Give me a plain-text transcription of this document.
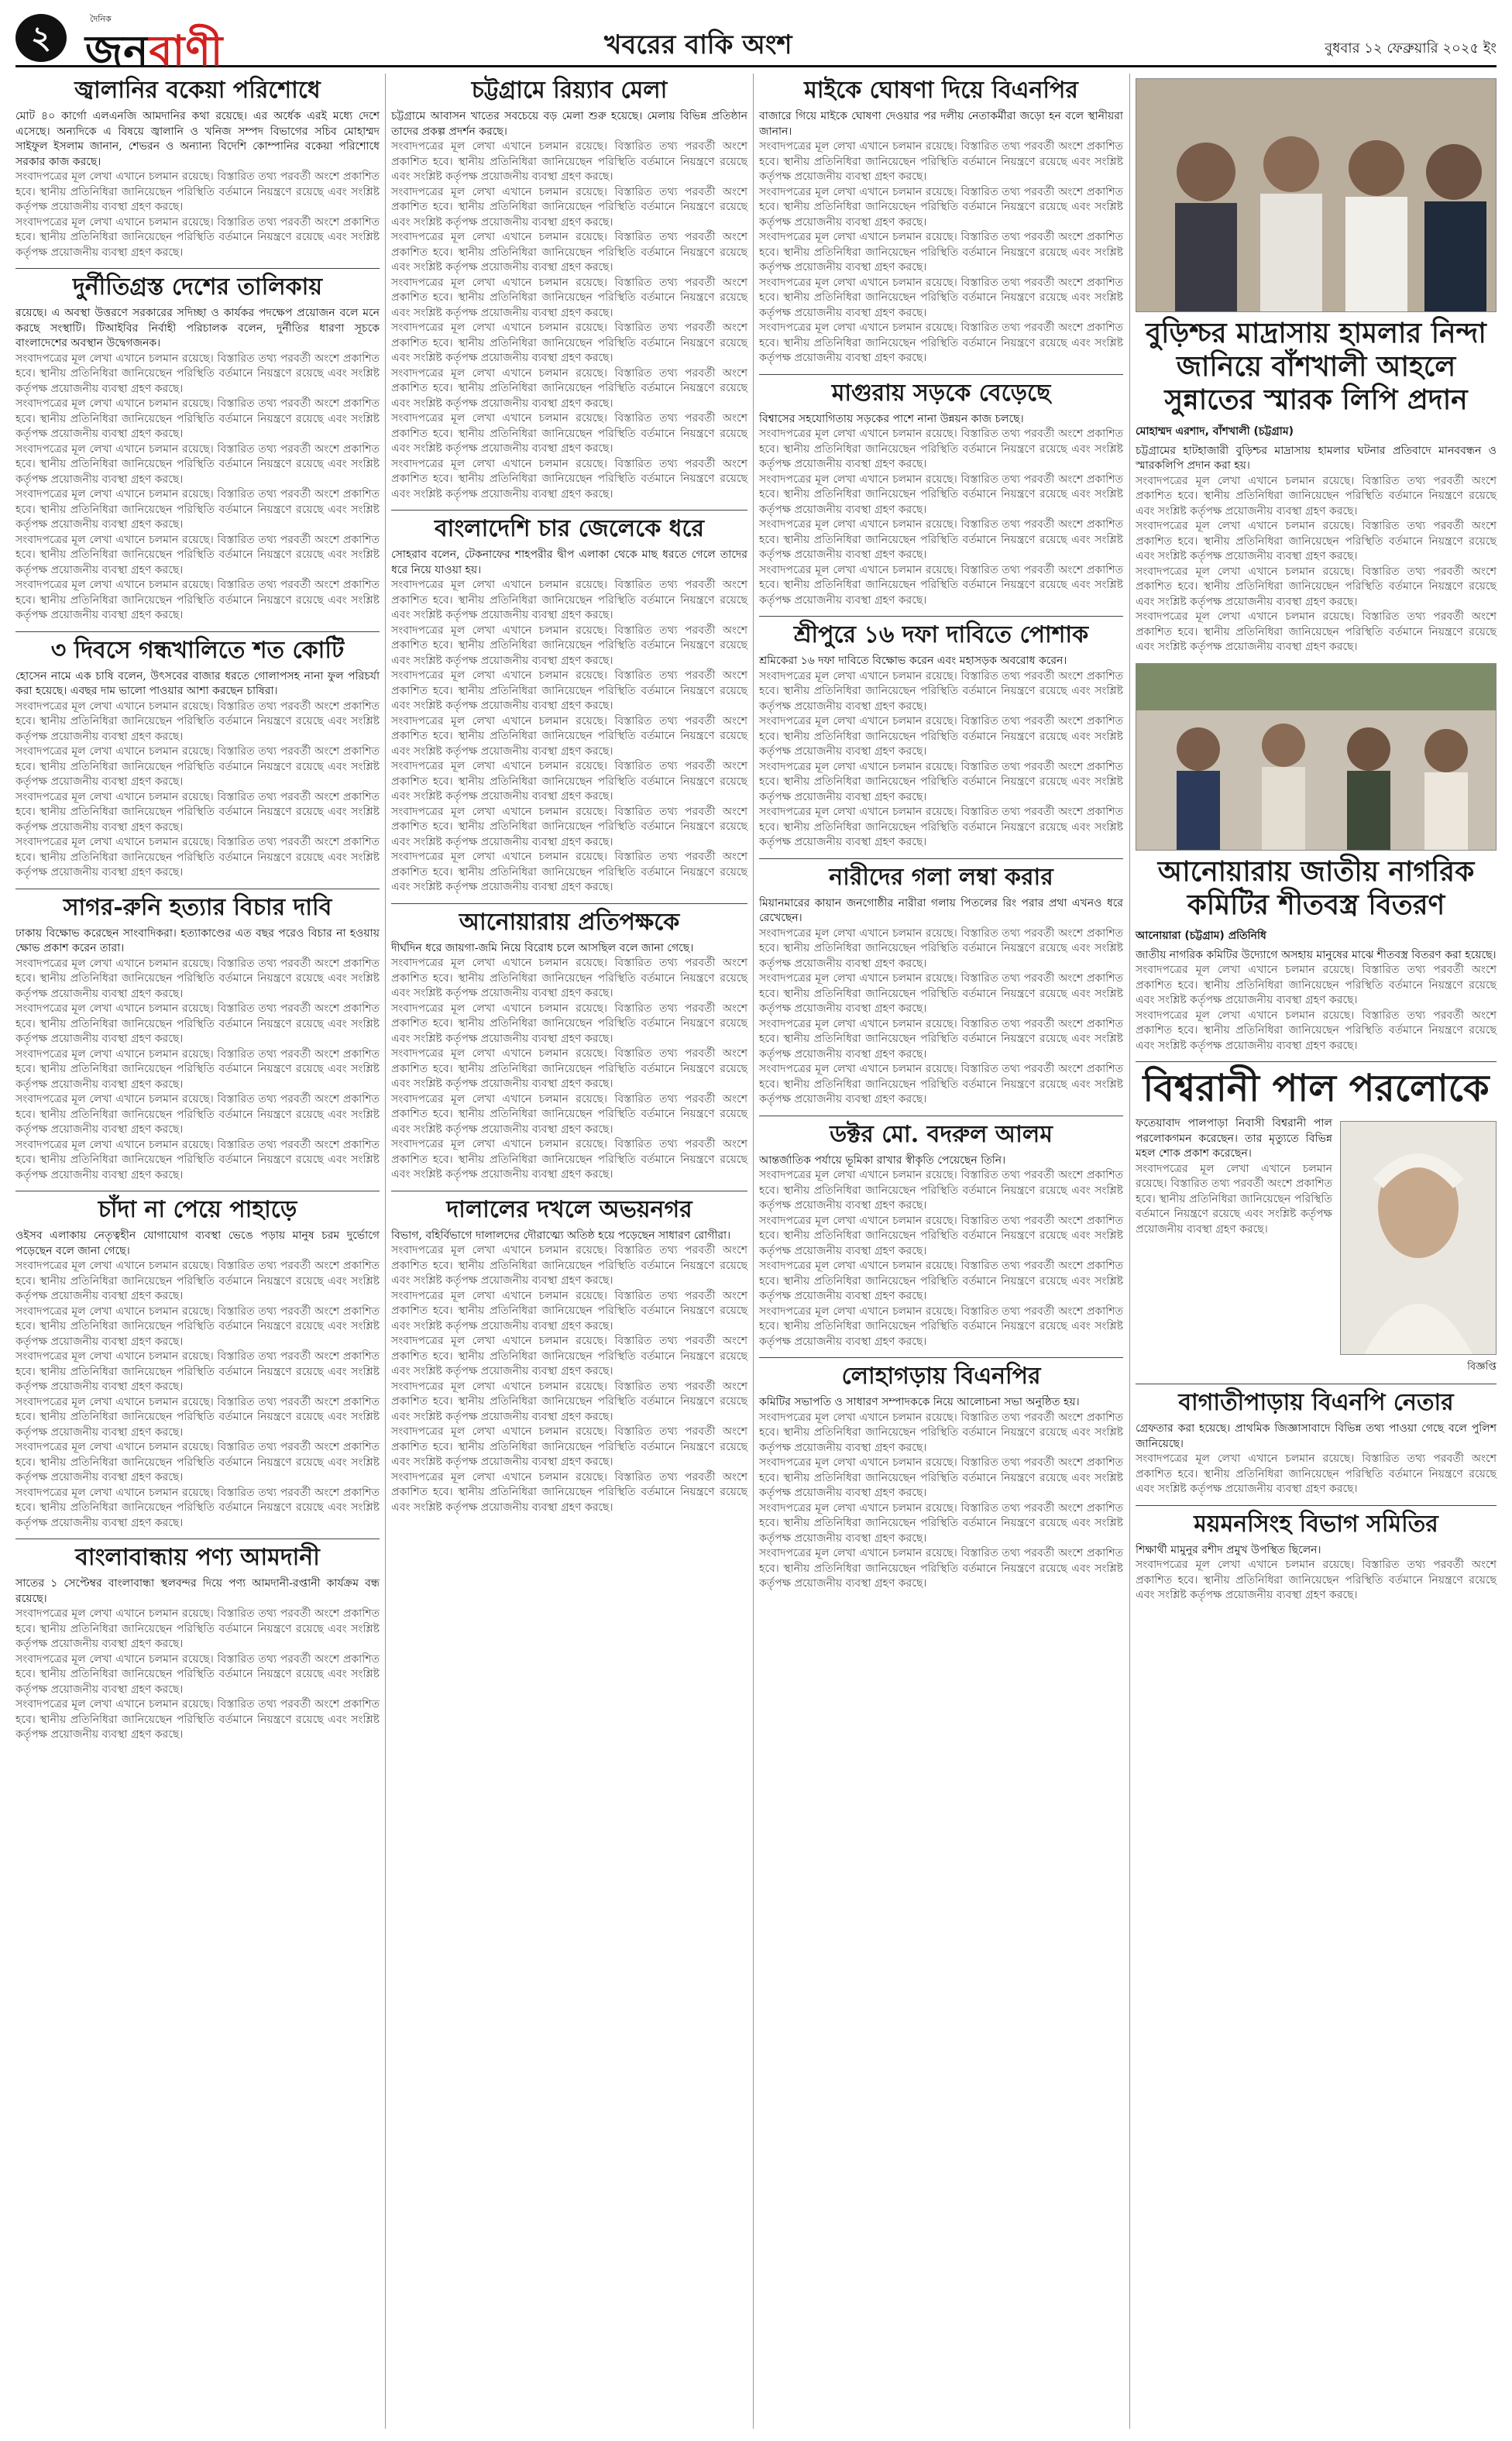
২
দৈনিক
জনবাণী	খবরের বাকি অংশ	বুধবার ১২ ফেব্রুয়ারি ২০২৫ ইং
জ্বালানির বকেয়া পরিশোধে
মোট ৪০ কার্গো এলএনজি আমদানির কথা রয়েছে। এর অর্ধেক এরই মধ্যে দেশে এসেছে। অন্যদিকে এ বিষয়ে জ্বালানি ও খনিজ সম্পদ বিভাগের সচিব মোহাম্মদ সাইফুল ইসলাম জানান, শেভরন ও অন্যান্য বিদেশি কোম্পানির বকেয়া পরিশোধে সরকার কাজ করছে।
সংবাদপত্রের মূল লেখা এখানে চলমান রয়েছে। বিস্তারিত তথ্য পরবর্তী অংশে প্রকাশিত হবে। স্থানীয় প্রতিনিধিরা জানিয়েছেন পরিস্থিতি বর্তমানে নিয়ন্ত্রণে রয়েছে এবং সংশ্লিষ্ট কর্তৃপক্ষ প্রয়োজনীয় ব্যবস্থা গ্রহণ করছে।
সংবাদপত্রের মূল লেখা এখানে চলমান রয়েছে। বিস্তারিত তথ্য পরবর্তী অংশে প্রকাশিত হবে। স্থানীয় প্রতিনিধিরা জানিয়েছেন পরিস্থিতি বর্তমানে নিয়ন্ত্রণে রয়েছে এবং সংশ্লিষ্ট কর্তৃপক্ষ প্রয়োজনীয় ব্যবস্থা গ্রহণ করছে।
দুর্নীতিগ্রস্ত দেশের তালিকায়
রয়েছে। এ অবস্থা উত্তরণে সরকারের সদিচ্ছা ও কার্যকর পদক্ষেপ প্রয়োজন বলে মনে করছে সংস্থাটি। টিআইবির নির্বাহী পরিচালক বলেন, দুর্নীতির ধারণা সূচকে বাংলাদেশের অবস্থান উদ্বেগজনক।
সংবাদপত্রের মূল লেখা এখানে চলমান রয়েছে। বিস্তারিত তথ্য পরবর্তী অংশে প্রকাশিত হবে। স্থানীয় প্রতিনিধিরা জানিয়েছেন পরিস্থিতি বর্তমানে নিয়ন্ত্রণে রয়েছে এবং সংশ্লিষ্ট কর্তৃপক্ষ প্রয়োজনীয় ব্যবস্থা গ্রহণ করছে।
সংবাদপত্রের মূল লেখা এখানে চলমান রয়েছে। বিস্তারিত তথ্য পরবর্তী অংশে প্রকাশিত হবে। স্থানীয় প্রতিনিধিরা জানিয়েছেন পরিস্থিতি বর্তমানে নিয়ন্ত্রণে রয়েছে এবং সংশ্লিষ্ট কর্তৃপক্ষ প্রয়োজনীয় ব্যবস্থা গ্রহণ করছে।
সংবাদপত্রের মূল লেখা এখানে চলমান রয়েছে। বিস্তারিত তথ্য পরবর্তী অংশে প্রকাশিত হবে। স্থানীয় প্রতিনিধিরা জানিয়েছেন পরিস্থিতি বর্তমানে নিয়ন্ত্রণে রয়েছে এবং সংশ্লিষ্ট কর্তৃপক্ষ প্রয়োজনীয় ব্যবস্থা গ্রহণ করছে।
সংবাদপত্রের মূল লেখা এখানে চলমান রয়েছে। বিস্তারিত তথ্য পরবর্তী অংশে প্রকাশিত হবে। স্থানীয় প্রতিনিধিরা জানিয়েছেন পরিস্থিতি বর্তমানে নিয়ন্ত্রণে রয়েছে এবং সংশ্লিষ্ট কর্তৃপক্ষ প্রয়োজনীয় ব্যবস্থা গ্রহণ করছে।
সংবাদপত্রের মূল লেখা এখানে চলমান রয়েছে। বিস্তারিত তথ্য পরবর্তী অংশে প্রকাশিত হবে। স্থানীয় প্রতিনিধিরা জানিয়েছেন পরিস্থিতি বর্তমানে নিয়ন্ত্রণে রয়েছে এবং সংশ্লিষ্ট কর্তৃপক্ষ প্রয়োজনীয় ব্যবস্থা গ্রহণ করছে।
সংবাদপত্রের মূল লেখা এখানে চলমান রয়েছে। বিস্তারিত তথ্য পরবর্তী অংশে প্রকাশিত হবে। স্থানীয় প্রতিনিধিরা জানিয়েছেন পরিস্থিতি বর্তমানে নিয়ন্ত্রণে রয়েছে এবং সংশ্লিষ্ট কর্তৃপক্ষ প্রয়োজনীয় ব্যবস্থা গ্রহণ করছে।
৩ দিবসে গন্ধখালিতে শত কোটি
হোসেন নামে এক চাষি বলেন, উৎসবের বাজার ধরতে গোলাপসহ নানা ফুল পরিচর্যা করা হয়েছে। এবছর দাম ভালো পাওয়ার আশা করছেন চাষিরা।
সংবাদপত্রের মূল লেখা এখানে চলমান রয়েছে। বিস্তারিত তথ্য পরবর্তী অংশে প্রকাশিত হবে। স্থানীয় প্রতিনিধিরা জানিয়েছেন পরিস্থিতি বর্তমানে নিয়ন্ত্রণে রয়েছে এবং সংশ্লিষ্ট কর্তৃপক্ষ প্রয়োজনীয় ব্যবস্থা গ্রহণ করছে।
সংবাদপত্রের মূল লেখা এখানে চলমান রয়েছে। বিস্তারিত তথ্য পরবর্তী অংশে প্রকাশিত হবে। স্থানীয় প্রতিনিধিরা জানিয়েছেন পরিস্থিতি বর্তমানে নিয়ন্ত্রণে রয়েছে এবং সংশ্লিষ্ট কর্তৃপক্ষ প্রয়োজনীয় ব্যবস্থা গ্রহণ করছে।
সংবাদপত্রের মূল লেখা এখানে চলমান রয়েছে। বিস্তারিত তথ্য পরবর্তী অংশে প্রকাশিত হবে। স্থানীয় প্রতিনিধিরা জানিয়েছেন পরিস্থিতি বর্তমানে নিয়ন্ত্রণে রয়েছে এবং সংশ্লিষ্ট কর্তৃপক্ষ প্রয়োজনীয় ব্যবস্থা গ্রহণ করছে।
সংবাদপত্রের মূল লেখা এখানে চলমান রয়েছে। বিস্তারিত তথ্য পরবর্তী অংশে প্রকাশিত হবে। স্থানীয় প্রতিনিধিরা জানিয়েছেন পরিস্থিতি বর্তমানে নিয়ন্ত্রণে রয়েছে এবং সংশ্লিষ্ট কর্তৃপক্ষ প্রয়োজনীয় ব্যবস্থা গ্রহণ করছে।
সাগর-রুনি হত্যার বিচার দাবি
ঢাকায় বিক্ষোভ করেছেন সাংবাদিকরা। হত্যাকাণ্ডের এত বছর পরেও বিচার না হওয়ায় ক্ষোভ প্রকাশ করেন তারা।
সংবাদপত্রের মূল লেখা এখানে চলমান রয়েছে। বিস্তারিত তথ্য পরবর্তী অংশে প্রকাশিত হবে। স্থানীয় প্রতিনিধিরা জানিয়েছেন পরিস্থিতি বর্তমানে নিয়ন্ত্রণে রয়েছে এবং সংশ্লিষ্ট কর্তৃপক্ষ প্রয়োজনীয় ব্যবস্থা গ্রহণ করছে।
সংবাদপত্রের মূল লেখা এখানে চলমান রয়েছে। বিস্তারিত তথ্য পরবর্তী অংশে প্রকাশিত হবে। স্থানীয় প্রতিনিধিরা জানিয়েছেন পরিস্থিতি বর্তমানে নিয়ন্ত্রণে রয়েছে এবং সংশ্লিষ্ট কর্তৃপক্ষ প্রয়োজনীয় ব্যবস্থা গ্রহণ করছে।
সংবাদপত্রের মূল লেখা এখানে চলমান রয়েছে। বিস্তারিত তথ্য পরবর্তী অংশে প্রকাশিত হবে। স্থানীয় প্রতিনিধিরা জানিয়েছেন পরিস্থিতি বর্তমানে নিয়ন্ত্রণে রয়েছে এবং সংশ্লিষ্ট কর্তৃপক্ষ প্রয়োজনীয় ব্যবস্থা গ্রহণ করছে।
সংবাদপত্রের মূল লেখা এখানে চলমান রয়েছে। বিস্তারিত তথ্য পরবর্তী অংশে প্রকাশিত হবে। স্থানীয় প্রতিনিধিরা জানিয়েছেন পরিস্থিতি বর্তমানে নিয়ন্ত্রণে রয়েছে এবং সংশ্লিষ্ট কর্তৃপক্ষ প্রয়োজনীয় ব্যবস্থা গ্রহণ করছে।
সংবাদপত্রের মূল লেখা এখানে চলমান রয়েছে। বিস্তারিত তথ্য পরবর্তী অংশে প্রকাশিত হবে। স্থানীয় প্রতিনিধিরা জানিয়েছেন পরিস্থিতি বর্তমানে নিয়ন্ত্রণে রয়েছে এবং সংশ্লিষ্ট কর্তৃপক্ষ প্রয়োজনীয় ব্যবস্থা গ্রহণ করছে।
চাঁদা না পেয়ে পাহাড়ে
ওইসব এলাকায় নেতৃত্বহীন যোগাযোগ ব্যবস্থা ভেঙে পড়ায় মানুষ চরম দুর্ভোগে পড়েছেন বলে জানা গেছে।
সংবাদপত্রের মূল লেখা এখানে চলমান রয়েছে। বিস্তারিত তথ্য পরবর্তী অংশে প্রকাশিত হবে। স্থানীয় প্রতিনিধিরা জানিয়েছেন পরিস্থিতি বর্তমানে নিয়ন্ত্রণে রয়েছে এবং সংশ্লিষ্ট কর্তৃপক্ষ প্রয়োজনীয় ব্যবস্থা গ্রহণ করছে।
সংবাদপত্রের মূল লেখা এখানে চলমান রয়েছে। বিস্তারিত তথ্য পরবর্তী অংশে প্রকাশিত হবে। স্থানীয় প্রতিনিধিরা জানিয়েছেন পরিস্থিতি বর্তমানে নিয়ন্ত্রণে রয়েছে এবং সংশ্লিষ্ট কর্তৃপক্ষ প্রয়োজনীয় ব্যবস্থা গ্রহণ করছে।
সংবাদপত্রের মূল লেখা এখানে চলমান রয়েছে। বিস্তারিত তথ্য পরবর্তী অংশে প্রকাশিত হবে। স্থানীয় প্রতিনিধিরা জানিয়েছেন পরিস্থিতি বর্তমানে নিয়ন্ত্রণে রয়েছে এবং সংশ্লিষ্ট কর্তৃপক্ষ প্রয়োজনীয় ব্যবস্থা গ্রহণ করছে।
সংবাদপত্রের মূল লেখা এখানে চলমান রয়েছে। বিস্তারিত তথ্য পরবর্তী অংশে প্রকাশিত হবে। স্থানীয় প্রতিনিধিরা জানিয়েছেন পরিস্থিতি বর্তমানে নিয়ন্ত্রণে রয়েছে এবং সংশ্লিষ্ট কর্তৃপক্ষ প্রয়োজনীয় ব্যবস্থা গ্রহণ করছে।
সংবাদপত্রের মূল লেখা এখানে চলমান রয়েছে। বিস্তারিত তথ্য পরবর্তী অংশে প্রকাশিত হবে। স্থানীয় প্রতিনিধিরা জানিয়েছেন পরিস্থিতি বর্তমানে নিয়ন্ত্রণে রয়েছে এবং সংশ্লিষ্ট কর্তৃপক্ষ প্রয়োজনীয় ব্যবস্থা গ্রহণ করছে।
সংবাদপত্রের মূল লেখা এখানে চলমান রয়েছে। বিস্তারিত তথ্য পরবর্তী অংশে প্রকাশিত হবে। স্থানীয় প্রতিনিধিরা জানিয়েছেন পরিস্থিতি বর্তমানে নিয়ন্ত্রণে রয়েছে এবং সংশ্লিষ্ট কর্তৃপক্ষ প্রয়োজনীয় ব্যবস্থা গ্রহণ করছে।
বাংলাবান্ধায় পণ্য আমদানী
সাতের ১ সেপ্টেম্বর বাংলাবান্ধা স্থলবন্দর দিয়ে পণ্য আমদানী-রপ্তানী কার্যক্রম বন্ধ রয়েছে।
সংবাদপত্রের মূল লেখা এখানে চলমান রয়েছে। বিস্তারিত তথ্য পরবর্তী অংশে প্রকাশিত হবে। স্থানীয় প্রতিনিধিরা জানিয়েছেন পরিস্থিতি বর্তমানে নিয়ন্ত্রণে রয়েছে এবং সংশ্লিষ্ট কর্তৃপক্ষ প্রয়োজনীয় ব্যবস্থা গ্রহণ করছে।
সংবাদপত্রের মূল লেখা এখানে চলমান রয়েছে। বিস্তারিত তথ্য পরবর্তী অংশে প্রকাশিত হবে। স্থানীয় প্রতিনিধিরা জানিয়েছেন পরিস্থিতি বর্তমানে নিয়ন্ত্রণে রয়েছে এবং সংশ্লিষ্ট কর্তৃপক্ষ প্রয়োজনীয় ব্যবস্থা গ্রহণ করছে।
সংবাদপত্রের মূল লেখা এখানে চলমান রয়েছে। বিস্তারিত তথ্য পরবর্তী অংশে প্রকাশিত হবে। স্থানীয় প্রতিনিধিরা জানিয়েছেন পরিস্থিতি বর্তমানে নিয়ন্ত্রণে রয়েছে এবং সংশ্লিষ্ট কর্তৃপক্ষ প্রয়োজনীয় ব্যবস্থা গ্রহণ করছে।
চট্টগ্রামে রিয়্যাব মেলা
চট্টগ্রামে আবাসন খাতের সবচেয়ে বড় মেলা শুরু হয়েছে। মেলায় বিভিন্ন প্রতিষ্ঠান তাদের প্রকল্প প্রদর্শন করছে।
সংবাদপত্রের মূল লেখা এখানে চলমান রয়েছে। বিস্তারিত তথ্য পরবর্তী অংশে প্রকাশিত হবে। স্থানীয় প্রতিনিধিরা জানিয়েছেন পরিস্থিতি বর্তমানে নিয়ন্ত্রণে রয়েছে এবং সংশ্লিষ্ট কর্তৃপক্ষ প্রয়োজনীয় ব্যবস্থা গ্রহণ করছে।
সংবাদপত্রের মূল লেখা এখানে চলমান রয়েছে। বিস্তারিত তথ্য পরবর্তী অংশে প্রকাশিত হবে। স্থানীয় প্রতিনিধিরা জানিয়েছেন পরিস্থিতি বর্তমানে নিয়ন্ত্রণে রয়েছে এবং সংশ্লিষ্ট কর্তৃপক্ষ প্রয়োজনীয় ব্যবস্থা গ্রহণ করছে।
সংবাদপত্রের মূল লেখা এখানে চলমান রয়েছে। বিস্তারিত তথ্য পরবর্তী অংশে প্রকাশিত হবে। স্থানীয় প্রতিনিধিরা জানিয়েছেন পরিস্থিতি বর্তমানে নিয়ন্ত্রণে রয়েছে এবং সংশ্লিষ্ট কর্তৃপক্ষ প্রয়োজনীয় ব্যবস্থা গ্রহণ করছে।
সংবাদপত্রের মূল লেখা এখানে চলমান রয়েছে। বিস্তারিত তথ্য পরবর্তী অংশে প্রকাশিত হবে। স্থানীয় প্রতিনিধিরা জানিয়েছেন পরিস্থিতি বর্তমানে নিয়ন্ত্রণে রয়েছে এবং সংশ্লিষ্ট কর্তৃপক্ষ প্রয়োজনীয় ব্যবস্থা গ্রহণ করছে।
সংবাদপত্রের মূল লেখা এখানে চলমান রয়েছে। বিস্তারিত তথ্য পরবর্তী অংশে প্রকাশিত হবে। স্থানীয় প্রতিনিধিরা জানিয়েছেন পরিস্থিতি বর্তমানে নিয়ন্ত্রণে রয়েছে এবং সংশ্লিষ্ট কর্তৃপক্ষ প্রয়োজনীয় ব্যবস্থা গ্রহণ করছে।
সংবাদপত্রের মূল লেখা এখানে চলমান রয়েছে। বিস্তারিত তথ্য পরবর্তী অংশে প্রকাশিত হবে। স্থানীয় প্রতিনিধিরা জানিয়েছেন পরিস্থিতি বর্তমানে নিয়ন্ত্রণে রয়েছে এবং সংশ্লিষ্ট কর্তৃপক্ষ প্রয়োজনীয় ব্যবস্থা গ্রহণ করছে।
সংবাদপত্রের মূল লেখা এখানে চলমান রয়েছে। বিস্তারিত তথ্য পরবর্তী অংশে প্রকাশিত হবে। স্থানীয় প্রতিনিধিরা জানিয়েছেন পরিস্থিতি বর্তমানে নিয়ন্ত্রণে রয়েছে এবং সংশ্লিষ্ট কর্তৃপক্ষ প্রয়োজনীয় ব্যবস্থা গ্রহণ করছে।
সংবাদপত্রের মূল লেখা এখানে চলমান রয়েছে। বিস্তারিত তথ্য পরবর্তী অংশে প্রকাশিত হবে। স্থানীয় প্রতিনিধিরা জানিয়েছেন পরিস্থিতি বর্তমানে নিয়ন্ত্রণে রয়েছে এবং সংশ্লিষ্ট কর্তৃপক্ষ প্রয়োজনীয় ব্যবস্থা গ্রহণ করছে।
বাংলাদেশি চার জেলেকে ধরে
সোহরাব বলেন, টেকনাফের শাহপরীর দ্বীপ এলাকা থেকে মাছ ধরতে গেলে তাদের ধরে নিয়ে যাওয়া হয়।
সংবাদপত্রের মূল লেখা এখানে চলমান রয়েছে। বিস্তারিত তথ্য পরবর্তী অংশে প্রকাশিত হবে। স্থানীয় প্রতিনিধিরা জানিয়েছেন পরিস্থিতি বর্তমানে নিয়ন্ত্রণে রয়েছে এবং সংশ্লিষ্ট কর্তৃপক্ষ প্রয়োজনীয় ব্যবস্থা গ্রহণ করছে।
সংবাদপত্রের মূল লেখা এখানে চলমান রয়েছে। বিস্তারিত তথ্য পরবর্তী অংশে প্রকাশিত হবে। স্থানীয় প্রতিনিধিরা জানিয়েছেন পরিস্থিতি বর্তমানে নিয়ন্ত্রণে রয়েছে এবং সংশ্লিষ্ট কর্তৃপক্ষ প্রয়োজনীয় ব্যবস্থা গ্রহণ করছে।
সংবাদপত্রের মূল লেখা এখানে চলমান রয়েছে। বিস্তারিত তথ্য পরবর্তী অংশে প্রকাশিত হবে। স্থানীয় প্রতিনিধিরা জানিয়েছেন পরিস্থিতি বর্তমানে নিয়ন্ত্রণে রয়েছে এবং সংশ্লিষ্ট কর্তৃপক্ষ প্রয়োজনীয় ব্যবস্থা গ্রহণ করছে।
সংবাদপত্রের মূল লেখা এখানে চলমান রয়েছে। বিস্তারিত তথ্য পরবর্তী অংশে প্রকাশিত হবে। স্থানীয় প্রতিনিধিরা জানিয়েছেন পরিস্থিতি বর্তমানে নিয়ন্ত্রণে রয়েছে এবং সংশ্লিষ্ট কর্তৃপক্ষ প্রয়োজনীয় ব্যবস্থা গ্রহণ করছে।
সংবাদপত্রের মূল লেখা এখানে চলমান রয়েছে। বিস্তারিত তথ্য পরবর্তী অংশে প্রকাশিত হবে। স্থানীয় প্রতিনিধিরা জানিয়েছেন পরিস্থিতি বর্তমানে নিয়ন্ত্রণে রয়েছে এবং সংশ্লিষ্ট কর্তৃপক্ষ প্রয়োজনীয় ব্যবস্থা গ্রহণ করছে।
সংবাদপত্রের মূল লেখা এখানে চলমান রয়েছে। বিস্তারিত তথ্য পরবর্তী অংশে প্রকাশিত হবে। স্থানীয় প্রতিনিধিরা জানিয়েছেন পরিস্থিতি বর্তমানে নিয়ন্ত্রণে রয়েছে এবং সংশ্লিষ্ট কর্তৃপক্ষ প্রয়োজনীয় ব্যবস্থা গ্রহণ করছে।
সংবাদপত্রের মূল লেখা এখানে চলমান রয়েছে। বিস্তারিত তথ্য পরবর্তী অংশে প্রকাশিত হবে। স্থানীয় প্রতিনিধিরা জানিয়েছেন পরিস্থিতি বর্তমানে নিয়ন্ত্রণে রয়েছে এবং সংশ্লিষ্ট কর্তৃপক্ষ প্রয়োজনীয় ব্যবস্থা গ্রহণ করছে।
আনোয়ারায় প্রতিপক্ষকে
দীর্ঘদিন ধরে জায়গা-জমি নিয়ে বিরোধ চলে আসছিল বলে জানা গেছে।
সংবাদপত্রের মূল লেখা এখানে চলমান রয়েছে। বিস্তারিত তথ্য পরবর্তী অংশে প্রকাশিত হবে। স্থানীয় প্রতিনিধিরা জানিয়েছেন পরিস্থিতি বর্তমানে নিয়ন্ত্রণে রয়েছে এবং সংশ্লিষ্ট কর্তৃপক্ষ প্রয়োজনীয় ব্যবস্থা গ্রহণ করছে।
সংবাদপত্রের মূল লেখা এখানে চলমান রয়েছে। বিস্তারিত তথ্য পরবর্তী অংশে প্রকাশিত হবে। স্থানীয় প্রতিনিধিরা জানিয়েছেন পরিস্থিতি বর্তমানে নিয়ন্ত্রণে রয়েছে এবং সংশ্লিষ্ট কর্তৃপক্ষ প্রয়োজনীয় ব্যবস্থা গ্রহণ করছে।
সংবাদপত্রের মূল লেখা এখানে চলমান রয়েছে। বিস্তারিত তথ্য পরবর্তী অংশে প্রকাশিত হবে। স্থানীয় প্রতিনিধিরা জানিয়েছেন পরিস্থিতি বর্তমানে নিয়ন্ত্রণে রয়েছে এবং সংশ্লিষ্ট কর্তৃপক্ষ প্রয়োজনীয় ব্যবস্থা গ্রহণ করছে।
সংবাদপত্রের মূল লেখা এখানে চলমান রয়েছে। বিস্তারিত তথ্য পরবর্তী অংশে প্রকাশিত হবে। স্থানীয় প্রতিনিধিরা জানিয়েছেন পরিস্থিতি বর্তমানে নিয়ন্ত্রণে রয়েছে এবং সংশ্লিষ্ট কর্তৃপক্ষ প্রয়োজনীয় ব্যবস্থা গ্রহণ করছে।
সংবাদপত্রের মূল লেখা এখানে চলমান রয়েছে। বিস্তারিত তথ্য পরবর্তী অংশে প্রকাশিত হবে। স্থানীয় প্রতিনিধিরা জানিয়েছেন পরিস্থিতি বর্তমানে নিয়ন্ত্রণে রয়েছে এবং সংশ্লিষ্ট কর্তৃপক্ষ প্রয়োজনীয় ব্যবস্থা গ্রহণ করছে।
দালালের দখলে অভয়নগর
বিভাগ, বহির্বিভাগে দালালদের দৌরাত্ম্যে অতিষ্ঠ হয়ে পড়েছেন সাধারণ রোগীরা।
সংবাদপত্রের মূল লেখা এখানে চলমান রয়েছে। বিস্তারিত তথ্য পরবর্তী অংশে প্রকাশিত হবে। স্থানীয় প্রতিনিধিরা জানিয়েছেন পরিস্থিতি বর্তমানে নিয়ন্ত্রণে রয়েছে এবং সংশ্লিষ্ট কর্তৃপক্ষ প্রয়োজনীয় ব্যবস্থা গ্রহণ করছে।
সংবাদপত্রের মূল লেখা এখানে চলমান রয়েছে। বিস্তারিত তথ্য পরবর্তী অংশে প্রকাশিত হবে। স্থানীয় প্রতিনিধিরা জানিয়েছেন পরিস্থিতি বর্তমানে নিয়ন্ত্রণে রয়েছে এবং সংশ্লিষ্ট কর্তৃপক্ষ প্রয়োজনীয় ব্যবস্থা গ্রহণ করছে।
সংবাদপত্রের মূল লেখা এখানে চলমান রয়েছে। বিস্তারিত তথ্য পরবর্তী অংশে প্রকাশিত হবে। স্থানীয় প্রতিনিধিরা জানিয়েছেন পরিস্থিতি বর্তমানে নিয়ন্ত্রণে রয়েছে এবং সংশ্লিষ্ট কর্তৃপক্ষ প্রয়োজনীয় ব্যবস্থা গ্রহণ করছে।
সংবাদপত্রের মূল লেখা এখানে চলমান রয়েছে। বিস্তারিত তথ্য পরবর্তী অংশে প্রকাশিত হবে। স্থানীয় প্রতিনিধিরা জানিয়েছেন পরিস্থিতি বর্তমানে নিয়ন্ত্রণে রয়েছে এবং সংশ্লিষ্ট কর্তৃপক্ষ প্রয়োজনীয় ব্যবস্থা গ্রহণ করছে।
সংবাদপত্রের মূল লেখা এখানে চলমান রয়েছে। বিস্তারিত তথ্য পরবর্তী অংশে প্রকাশিত হবে। স্থানীয় প্রতিনিধিরা জানিয়েছেন পরিস্থিতি বর্তমানে নিয়ন্ত্রণে রয়েছে এবং সংশ্লিষ্ট কর্তৃপক্ষ প্রয়োজনীয় ব্যবস্থা গ্রহণ করছে।
সংবাদপত্রের মূল লেখা এখানে চলমান রয়েছে। বিস্তারিত তথ্য পরবর্তী অংশে প্রকাশিত হবে। স্থানীয় প্রতিনিধিরা জানিয়েছেন পরিস্থিতি বর্তমানে নিয়ন্ত্রণে রয়েছে এবং সংশ্লিষ্ট কর্তৃপক্ষ প্রয়োজনীয় ব্যবস্থা গ্রহণ করছে।
মাইকে ঘোষণা দিয়ে বিএনপির
বাজারে গিয়ে মাইকে ঘোষণা দেওয়ার পর দলীয় নেতাকর্মীরা জড়ো হন বলে স্থানীয়রা জানান।
সংবাদপত্রের মূল লেখা এখানে চলমান রয়েছে। বিস্তারিত তথ্য পরবর্তী অংশে প্রকাশিত হবে। স্থানীয় প্রতিনিধিরা জানিয়েছেন পরিস্থিতি বর্তমানে নিয়ন্ত্রণে রয়েছে এবং সংশ্লিষ্ট কর্তৃপক্ষ প্রয়োজনীয় ব্যবস্থা গ্রহণ করছে।
সংবাদপত্রের মূল লেখা এখানে চলমান রয়েছে। বিস্তারিত তথ্য পরবর্তী অংশে প্রকাশিত হবে। স্থানীয় প্রতিনিধিরা জানিয়েছেন পরিস্থিতি বর্তমানে নিয়ন্ত্রণে রয়েছে এবং সংশ্লিষ্ট কর্তৃপক্ষ প্রয়োজনীয় ব্যবস্থা গ্রহণ করছে।
সংবাদপত্রের মূল লেখা এখানে চলমান রয়েছে। বিস্তারিত তথ্য পরবর্তী অংশে প্রকাশিত হবে। স্থানীয় প্রতিনিধিরা জানিয়েছেন পরিস্থিতি বর্তমানে নিয়ন্ত্রণে রয়েছে এবং সংশ্লিষ্ট কর্তৃপক্ষ প্রয়োজনীয় ব্যবস্থা গ্রহণ করছে।
সংবাদপত্রের মূল লেখা এখানে চলমান রয়েছে। বিস্তারিত তথ্য পরবর্তী অংশে প্রকাশিত হবে। স্থানীয় প্রতিনিধিরা জানিয়েছেন পরিস্থিতি বর্তমানে নিয়ন্ত্রণে রয়েছে এবং সংশ্লিষ্ট কর্তৃপক্ষ প্রয়োজনীয় ব্যবস্থা গ্রহণ করছে।
সংবাদপত্রের মূল লেখা এখানে চলমান রয়েছে। বিস্তারিত তথ্য পরবর্তী অংশে প্রকাশিত হবে। স্থানীয় প্রতিনিধিরা জানিয়েছেন পরিস্থিতি বর্তমানে নিয়ন্ত্রণে রয়েছে এবং সংশ্লিষ্ট কর্তৃপক্ষ প্রয়োজনীয় ব্যবস্থা গ্রহণ করছে।
মাগুরায় সড়কে বেড়েছে
বিশ্বাসের সহযোগিতায় সড়কের পাশে নানা উন্নয়ন কাজ চলছে।
সংবাদপত্রের মূল লেখা এখানে চলমান রয়েছে। বিস্তারিত তথ্য পরবর্তী অংশে প্রকাশিত হবে। স্থানীয় প্রতিনিধিরা জানিয়েছেন পরিস্থিতি বর্তমানে নিয়ন্ত্রণে রয়েছে এবং সংশ্লিষ্ট কর্তৃপক্ষ প্রয়োজনীয় ব্যবস্থা গ্রহণ করছে।
সংবাদপত্রের মূল লেখা এখানে চলমান রয়েছে। বিস্তারিত তথ্য পরবর্তী অংশে প্রকাশিত হবে। স্থানীয় প্রতিনিধিরা জানিয়েছেন পরিস্থিতি বর্তমানে নিয়ন্ত্রণে রয়েছে এবং সংশ্লিষ্ট কর্তৃপক্ষ প্রয়োজনীয় ব্যবস্থা গ্রহণ করছে।
সংবাদপত্রের মূল লেখা এখানে চলমান রয়েছে। বিস্তারিত তথ্য পরবর্তী অংশে প্রকাশিত হবে। স্থানীয় প্রতিনিধিরা জানিয়েছেন পরিস্থিতি বর্তমানে নিয়ন্ত্রণে রয়েছে এবং সংশ্লিষ্ট কর্তৃপক্ষ প্রয়োজনীয় ব্যবস্থা গ্রহণ করছে।
সংবাদপত্রের মূল লেখা এখানে চলমান রয়েছে। বিস্তারিত তথ্য পরবর্তী অংশে প্রকাশিত হবে। স্থানীয় প্রতিনিধিরা জানিয়েছেন পরিস্থিতি বর্তমানে নিয়ন্ত্রণে রয়েছে এবং সংশ্লিষ্ট কর্তৃপক্ষ প্রয়োজনীয় ব্যবস্থা গ্রহণ করছে।
শ্রীপুরে ১৬ দফা দাবিতে পোশাক
শ্রমিকেরা ১৬ দফা দাবিতে বিক্ষোভ করেন এবং মহাসড়ক অবরোধ করেন।
সংবাদপত্রের মূল লেখা এখানে চলমান রয়েছে। বিস্তারিত তথ্য পরবর্তী অংশে প্রকাশিত হবে। স্থানীয় প্রতিনিধিরা জানিয়েছেন পরিস্থিতি বর্তমানে নিয়ন্ত্রণে রয়েছে এবং সংশ্লিষ্ট কর্তৃপক্ষ প্রয়োজনীয় ব্যবস্থা গ্রহণ করছে।
সংবাদপত্রের মূল লেখা এখানে চলমান রয়েছে। বিস্তারিত তথ্য পরবর্তী অংশে প্রকাশিত হবে। স্থানীয় প্রতিনিধিরা জানিয়েছেন পরিস্থিতি বর্তমানে নিয়ন্ত্রণে রয়েছে এবং সংশ্লিষ্ট কর্তৃপক্ষ প্রয়োজনীয় ব্যবস্থা গ্রহণ করছে।
সংবাদপত্রের মূল লেখা এখানে চলমান রয়েছে। বিস্তারিত তথ্য পরবর্তী অংশে প্রকাশিত হবে। স্থানীয় প্রতিনিধিরা জানিয়েছেন পরিস্থিতি বর্তমানে নিয়ন্ত্রণে রয়েছে এবং সংশ্লিষ্ট কর্তৃপক্ষ প্রয়োজনীয় ব্যবস্থা গ্রহণ করছে।
সংবাদপত্রের মূল লেখা এখানে চলমান রয়েছে। বিস্তারিত তথ্য পরবর্তী অংশে প্রকাশিত হবে। স্থানীয় প্রতিনিধিরা জানিয়েছেন পরিস্থিতি বর্তমানে নিয়ন্ত্রণে রয়েছে এবং সংশ্লিষ্ট কর্তৃপক্ষ প্রয়োজনীয় ব্যবস্থা গ্রহণ করছে।
নারীদের গলা লম্বা করার
মিয়ানমারের কায়ান জনগোষ্ঠীর নারীরা গলায় পিতলের রিং পরার প্রথা এখনও ধরে রেখেছেন।
সংবাদপত্রের মূল লেখা এখানে চলমান রয়েছে। বিস্তারিত তথ্য পরবর্তী অংশে প্রকাশিত হবে। স্থানীয় প্রতিনিধিরা জানিয়েছেন পরিস্থিতি বর্তমানে নিয়ন্ত্রণে রয়েছে এবং সংশ্লিষ্ট কর্তৃপক্ষ প্রয়োজনীয় ব্যবস্থা গ্রহণ করছে।
সংবাদপত্রের মূল লেখা এখানে চলমান রয়েছে। বিস্তারিত তথ্য পরবর্তী অংশে প্রকাশিত হবে। স্থানীয় প্রতিনিধিরা জানিয়েছেন পরিস্থিতি বর্তমানে নিয়ন্ত্রণে রয়েছে এবং সংশ্লিষ্ট কর্তৃপক্ষ প্রয়োজনীয় ব্যবস্থা গ্রহণ করছে।
সংবাদপত্রের মূল লেখা এখানে চলমান রয়েছে। বিস্তারিত তথ্য পরবর্তী অংশে প্রকাশিত হবে। স্থানীয় প্রতিনিধিরা জানিয়েছেন পরিস্থিতি বর্তমানে নিয়ন্ত্রণে রয়েছে এবং সংশ্লিষ্ট কর্তৃপক্ষ প্রয়োজনীয় ব্যবস্থা গ্রহণ করছে।
সংবাদপত্রের মূল লেখা এখানে চলমান রয়েছে। বিস্তারিত তথ্য পরবর্তী অংশে প্রকাশিত হবে। স্থানীয় প্রতিনিধিরা জানিয়েছেন পরিস্থিতি বর্তমানে নিয়ন্ত্রণে রয়েছে এবং সংশ্লিষ্ট কর্তৃপক্ষ প্রয়োজনীয় ব্যবস্থা গ্রহণ করছে।
ডক্টর মো. বদরুল আলম
আন্তর্জাতিক পর্যায়ে ভূমিকা রাখার স্বীকৃতি পেয়েছেন তিনি।
সংবাদপত্রের মূল লেখা এখানে চলমান রয়েছে। বিস্তারিত তথ্য পরবর্তী অংশে প্রকাশিত হবে। স্থানীয় প্রতিনিধিরা জানিয়েছেন পরিস্থিতি বর্তমানে নিয়ন্ত্রণে রয়েছে এবং সংশ্লিষ্ট কর্তৃপক্ষ প্রয়োজনীয় ব্যবস্থা গ্রহণ করছে।
সংবাদপত্রের মূল লেখা এখানে চলমান রয়েছে। বিস্তারিত তথ্য পরবর্তী অংশে প্রকাশিত হবে। স্থানীয় প্রতিনিধিরা জানিয়েছেন পরিস্থিতি বর্তমানে নিয়ন্ত্রণে রয়েছে এবং সংশ্লিষ্ট কর্তৃপক্ষ প্রয়োজনীয় ব্যবস্থা গ্রহণ করছে।
সংবাদপত্রের মূল লেখা এখানে চলমান রয়েছে। বিস্তারিত তথ্য পরবর্তী অংশে প্রকাশিত হবে। স্থানীয় প্রতিনিধিরা জানিয়েছেন পরিস্থিতি বর্তমানে নিয়ন্ত্রণে রয়েছে এবং সংশ্লিষ্ট কর্তৃপক্ষ প্রয়োজনীয় ব্যবস্থা গ্রহণ করছে।
সংবাদপত্রের মূল লেখা এখানে চলমান রয়েছে। বিস্তারিত তথ্য পরবর্তী অংশে প্রকাশিত হবে। স্থানীয় প্রতিনিধিরা জানিয়েছেন পরিস্থিতি বর্তমানে নিয়ন্ত্রণে রয়েছে এবং সংশ্লিষ্ট কর্তৃপক্ষ প্রয়োজনীয় ব্যবস্থা গ্রহণ করছে।
লোহাগড়ায় বিএনপির
কমিটির সভাপতি ও সাধারণ সম্পাদককে নিয়ে আলোচনা সভা অনুষ্ঠিত হয়।
সংবাদপত্রের মূল লেখা এখানে চলমান রয়েছে। বিস্তারিত তথ্য পরবর্তী অংশে প্রকাশিত হবে। স্থানীয় প্রতিনিধিরা জানিয়েছেন পরিস্থিতি বর্তমানে নিয়ন্ত্রণে রয়েছে এবং সংশ্লিষ্ট কর্তৃপক্ষ প্রয়োজনীয় ব্যবস্থা গ্রহণ করছে।
সংবাদপত্রের মূল লেখা এখানে চলমান রয়েছে। বিস্তারিত তথ্য পরবর্তী অংশে প্রকাশিত হবে। স্থানীয় প্রতিনিধিরা জানিয়েছেন পরিস্থিতি বর্তমানে নিয়ন্ত্রণে রয়েছে এবং সংশ্লিষ্ট কর্তৃপক্ষ প্রয়োজনীয় ব্যবস্থা গ্রহণ করছে।
সংবাদপত্রের মূল লেখা এখানে চলমান রয়েছে। বিস্তারিত তথ্য পরবর্তী অংশে প্রকাশিত হবে। স্থানীয় প্রতিনিধিরা জানিয়েছেন পরিস্থিতি বর্তমানে নিয়ন্ত্রণে রয়েছে এবং সংশ্লিষ্ট কর্তৃপক্ষ প্রয়োজনীয় ব্যবস্থা গ্রহণ করছে।
সংবাদপত্রের মূল লেখা এখানে চলমান রয়েছে। বিস্তারিত তথ্য পরবর্তী অংশে প্রকাশিত হবে। স্থানীয় প্রতিনিধিরা জানিয়েছেন পরিস্থিতি বর্তমানে নিয়ন্ত্রণে রয়েছে এবং সংশ্লিষ্ট কর্তৃপক্ষ প্রয়োজনীয় ব্যবস্থা গ্রহণ করছে।
বুড়িশ্চর মাদ্রাসায় হামলার নিন্দা জানিয়ে বাঁশখালী আহলে সুন্নাতের স্মারক লিপি প্রদান
মোহাম্মদ এরশাদ, বাঁশখালী (চট্টগ্রাম)
চট্টগ্রামের হাটহাজারী বুড়িশ্চর মাদ্রাসায় হামলার ঘটনার প্রতিবাদে মানববন্ধন ও স্মারকলিপি প্রদান করা হয়।
সংবাদপত্রের মূল লেখা এখানে চলমান রয়েছে। বিস্তারিত তথ্য পরবর্তী অংশে প্রকাশিত হবে। স্থানীয় প্রতিনিধিরা জানিয়েছেন পরিস্থিতি বর্তমানে নিয়ন্ত্রণে রয়েছে এবং সংশ্লিষ্ট কর্তৃপক্ষ প্রয়োজনীয় ব্যবস্থা গ্রহণ করছে।
সংবাদপত্রের মূল লেখা এখানে চলমান রয়েছে। বিস্তারিত তথ্য পরবর্তী অংশে প্রকাশিত হবে। স্থানীয় প্রতিনিধিরা জানিয়েছেন পরিস্থিতি বর্তমানে নিয়ন্ত্রণে রয়েছে এবং সংশ্লিষ্ট কর্তৃপক্ষ প্রয়োজনীয় ব্যবস্থা গ্রহণ করছে।
সংবাদপত্রের মূল লেখা এখানে চলমান রয়েছে। বিস্তারিত তথ্য পরবর্তী অংশে প্রকাশিত হবে। স্থানীয় প্রতিনিধিরা জানিয়েছেন পরিস্থিতি বর্তমানে নিয়ন্ত্রণে রয়েছে এবং সংশ্লিষ্ট কর্তৃপক্ষ প্রয়োজনীয় ব্যবস্থা গ্রহণ করছে।
সংবাদপত্রের মূল লেখা এখানে চলমান রয়েছে। বিস্তারিত তথ্য পরবর্তী অংশে প্রকাশিত হবে। স্থানীয় প্রতিনিধিরা জানিয়েছেন পরিস্থিতি বর্তমানে নিয়ন্ত্রণে রয়েছে এবং সংশ্লিষ্ট কর্তৃপক্ষ প্রয়োজনীয় ব্যবস্থা গ্রহণ করছে।
আনোয়ারায় জাতীয় নাগরিক কমিটির শীতবস্ত্র বিতরণ
আনোয়ারা (চট্টগ্রাম) প্রতিনিধি
জাতীয় নাগরিক কমিটির উদ্যোগে অসহায় মানুষের মাঝে শীতবস্ত্র বিতরণ করা হয়েছে।
সংবাদপত্রের মূল লেখা এখানে চলমান রয়েছে। বিস্তারিত তথ্য পরবর্তী অংশে প্রকাশিত হবে। স্থানীয় প্রতিনিধিরা জানিয়েছেন পরিস্থিতি বর্তমানে নিয়ন্ত্রণে রয়েছে এবং সংশ্লিষ্ট কর্তৃপক্ষ প্রয়োজনীয় ব্যবস্থা গ্রহণ করছে।
সংবাদপত্রের মূল লেখা এখানে চলমান রয়েছে। বিস্তারিত তথ্য পরবর্তী অংশে প্রকাশিত হবে। স্থানীয় প্রতিনিধিরা জানিয়েছেন পরিস্থিতি বর্তমানে নিয়ন্ত্রণে রয়েছে এবং সংশ্লিষ্ট কর্তৃপক্ষ প্রয়োজনীয় ব্যবস্থা গ্রহণ করছে।
বিশ্বরানী পাল পরলোকে
ফতেয়াবাদ পালপাড়া নিবাসী বিশ্বরানী পাল পরলোকগমন করেছেন। তার মৃত্যুতে বিভিন্ন মহল শোক প্রকাশ করেছেন।
সংবাদপত্রের মূল লেখা এখানে চলমান রয়েছে। বিস্তারিত তথ্য পরবর্তী অংশে প্রকাশিত হবে। স্থানীয় প্রতিনিধিরা জানিয়েছেন পরিস্থিতি বর্তমানে নিয়ন্ত্রণে রয়েছে এবং সংশ্লিষ্ট কর্তৃপক্ষ প্রয়োজনীয় ব্যবস্থা গ্রহণ করছে।
বিজ্ঞপ্তি
বাগাতীপাড়ায় বিএনপি নেতার
গ্রেফতার করা হয়েছে। প্রাথমিক জিজ্ঞাসাবাদে বিভিন্ন তথ্য পাওয়া গেছে বলে পুলিশ জানিয়েছে।
সংবাদপত্রের মূল লেখা এখানে চলমান রয়েছে। বিস্তারিত তথ্য পরবর্তী অংশে প্রকাশিত হবে। স্থানীয় প্রতিনিধিরা জানিয়েছেন পরিস্থিতি বর্তমানে নিয়ন্ত্রণে রয়েছে এবং সংশ্লিষ্ট কর্তৃপক্ষ প্রয়োজনীয় ব্যবস্থা গ্রহণ করছে।
ময়মনসিংহ বিভাগ সমিতির
শিক্ষার্থী মামুনুর রশীদ প্রমুখ উপস্থিত ছিলেন।
সংবাদপত্রের মূল লেখা এখানে চলমান রয়েছে। বিস্তারিত তথ্য পরবর্তী অংশে প্রকাশিত হবে। স্থানীয় প্রতিনিধিরা জানিয়েছেন পরিস্থিতি বর্তমানে নিয়ন্ত্রণে রয়েছে এবং সংশ্লিষ্ট কর্তৃপক্ষ প্রয়োজনীয় ব্যবস্থা গ্রহণ করছে।
